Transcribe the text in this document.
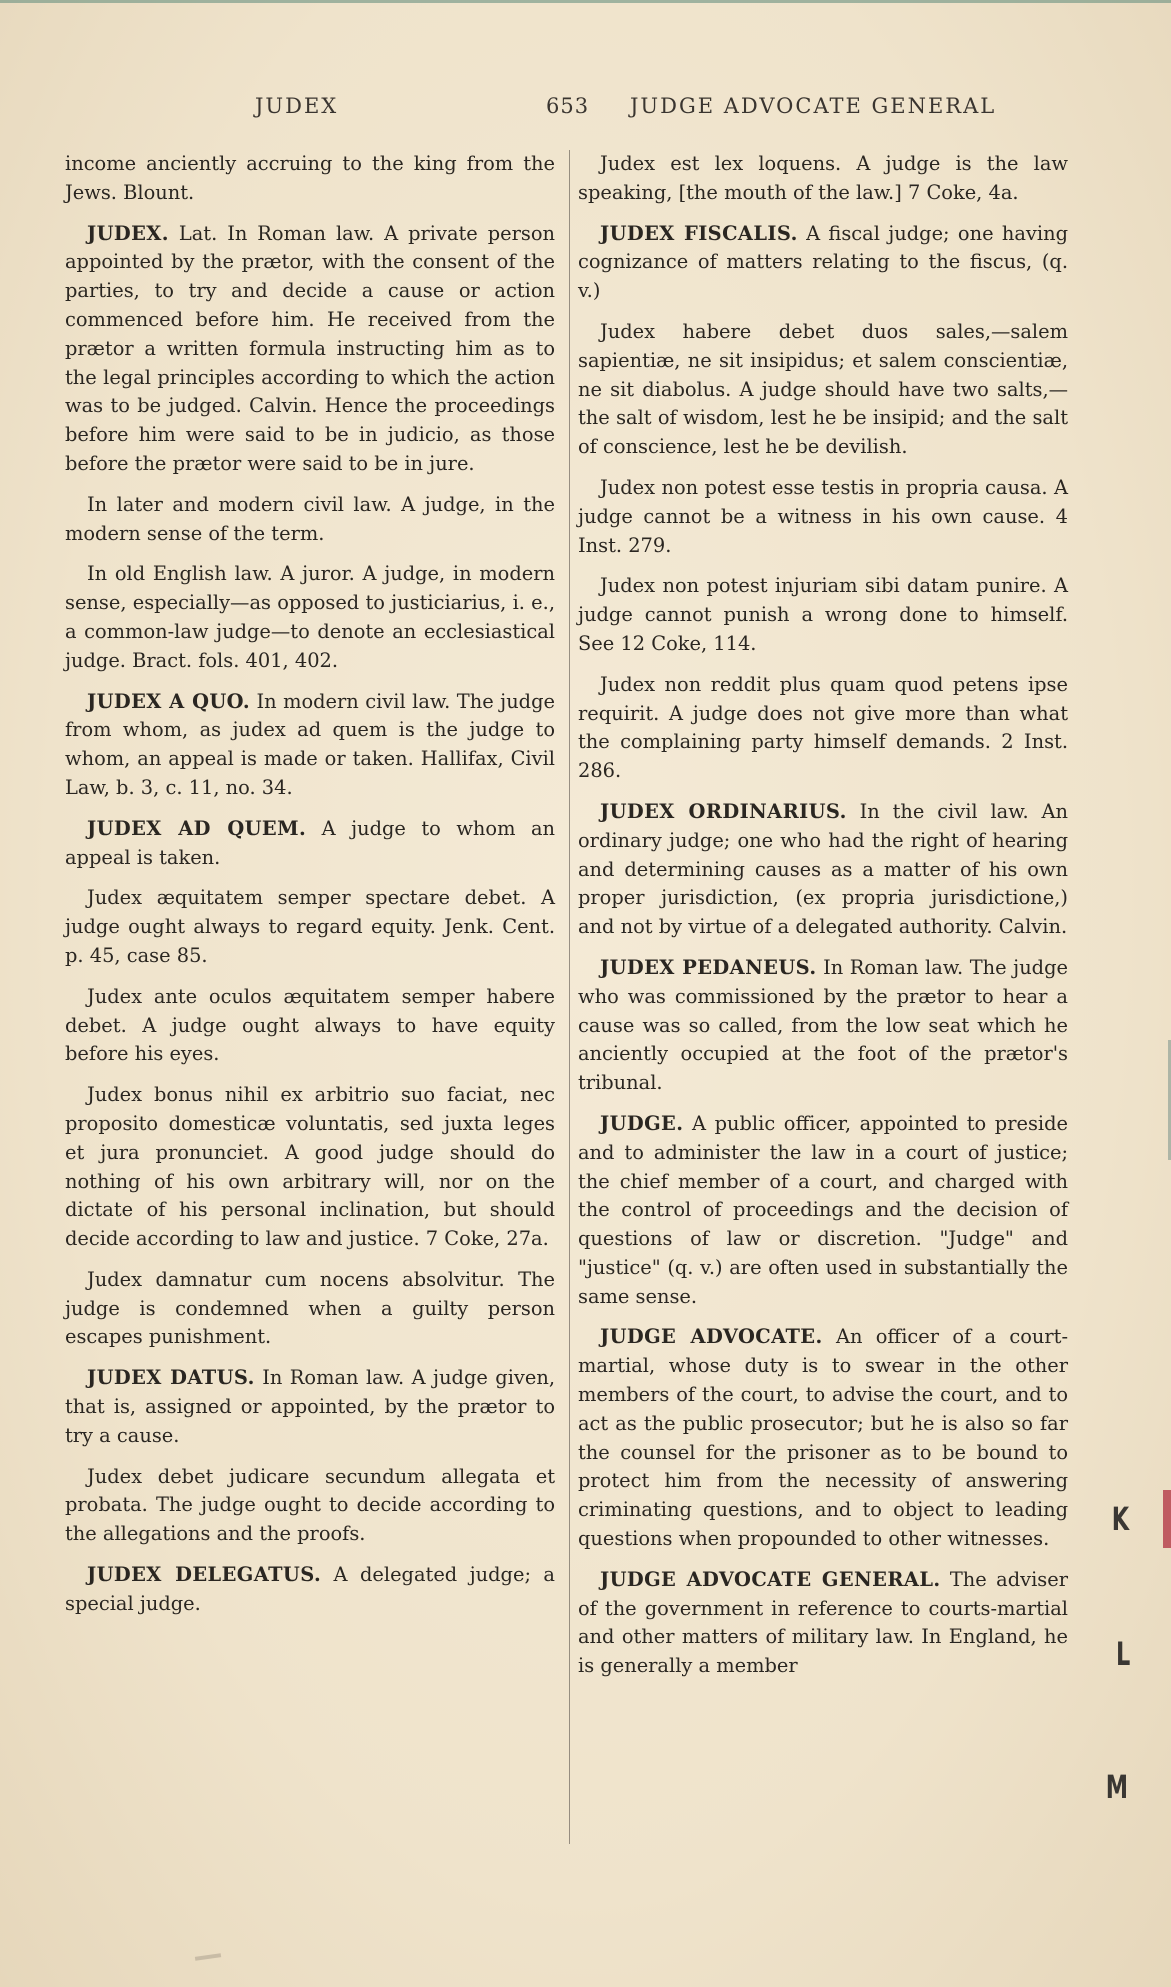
JUDEX	653 JUDGE ADVOCATE GENERAL

income anciently accruing to the king from the Jews. Blount.

JUDEX. Lat. In Roman law. A private person appointed by the prætor, with the consent of the parties, to try and decide a cause or action commenced before him. He received from the prætor a written formula instructing him as to the legal principles according to which the action was to be judged. Calvin. Hence the proceedings before him were said to be in judicio, as those before the prætor were said to be in jure.

In later and modern civil law. A judge, in the modern sense of the term.

In old English law. A juror. A judge, in modern sense, especially—as opposed to justiciarius, i. e., a common-law judge—to denote an ecclesiastical judge. Bract. fols. 401, 402.

JUDEX A QUO. In modern civil law. The judge from whom, as judex ad quem is the judge to whom, an appeal is made or taken. Hallifax, Civil Law, b. 3, c. 11, no. 34.

JUDEX AD QUEM. A judge to whom an appeal is taken.

Judex æquitatem semper spectare debet. A judge ought always to regard equity. Jenk. Cent. p. 45, case 85.

Judex ante oculos æquitatem semper habere debet. A judge ought always to have equity before his eyes.

Judex bonus nihil ex arbitrio suo faciat, nec proposito domesticæ voluntatis, sed juxta leges et jura pronunciet. A good judge should do nothing of his own arbitrary will, nor on the dictate of his personal inclination, but should decide according to law and justice. 7 Coke, 27a.

Judex damnatur cum nocens absolvitur. The judge is condemned when a guilty person escapes punishment.

JUDEX DATUS. In Roman law. A judge given, that is, assigned or appointed, by the prætor to try a cause.

Judex debet judicare secundum allegata et probata. The judge ought to decide according to the allegations and the proofs.

JUDEX DELEGATUS. A delegated judge; a special judge.

Judex est lex loquens. A judge is the law speaking, [the mouth of the law.] 7 Coke, 4a.

JUDEX FISCALIS. A fiscal judge; one having cognizance of matters relating to the fiscus, (q. v.)

Judex habere debet duos sales,—salem sapientiæ, ne sit insipidus; et salem conscientiæ, ne sit diabolus. A judge should have two salts,—the salt of wisdom, lest he be insipid; and the salt of conscience, lest he be devilish.

Judex non potest esse testis in propria causa. A judge cannot be a witness in his own cause. 4 Inst. 279.

Judex non potest injuriam sibi datam punire. A judge cannot punish a wrong done to himself. See 12 Coke, 114.

Judex non reddit plus quam quod petens ipse requirit. A judge does not give more than what the complaining party himself demands. 2 Inst. 286.

JUDEX ORDINARIUS. In the civil law. An ordinary judge; one who had the right of hearing and determining causes as a matter of his own proper jurisdiction, (ex propria jurisdictione,) and not by virtue of a delegated authority. Calvin.

JUDEX PEDANEUS. In Roman law. The judge who was commissioned by the prætor to hear a cause was so called, from the low seat which he anciently occupied at the foot of the prætor's tribunal.

JUDGE. A public officer, appointed to preside and to administer the law in a court of justice; the chief member of a court, and charged with the control of proceedings and the decision of questions of law or discretion. "Judge" and "justice" (q. v.) are often used in substantially the same sense.

JUDGE ADVOCATE. An officer of a court-martial, whose duty is to swear in the other members of the court, to advise the court, and to act as the public prosecutor; but he is also so far the counsel for the prisoner as to be bound to protect him from the necessity of answering criminating questions, and to object to leading questions when propounded to other witnesses.

JUDGE ADVOCATE GENERAL. The adviser of the government in reference to courts-martial and other matters of military law. In England, he is generally a member

K
L
M
